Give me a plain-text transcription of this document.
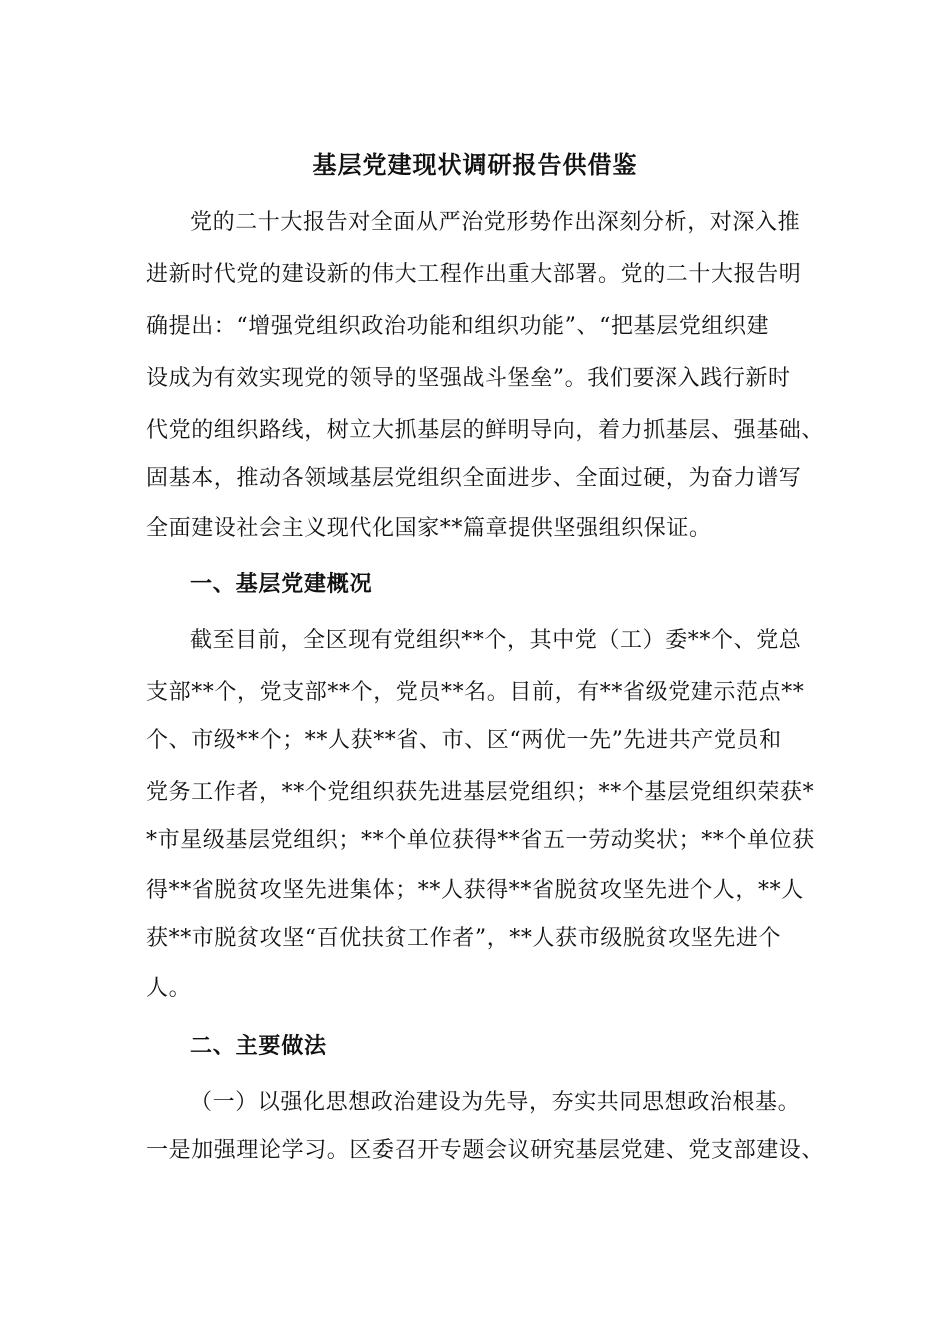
基层党建现状调研报告供借鉴
党的二十大报告对全面从严治党形势作出深刻分析，对深入推
进新时代党的建设新的伟大工程作出重大部署。党的二十大报告明
确提出：“增强党组织政治功能和组织功能”、“把基层党组织建
设成为有效实现党的领导的坚强战斗堡垒”。我们要深入践行新时
代党的组织路线，树立大抓基层的鲜明导向，着力抓基层、强基础、
固基本，推动各领域基层党组织全面进步、全面过硬，为奋力谱写
全面建设社会主义现代化国家**篇章提供坚强组织保证。
一、基层党建概况
截至目前，全区现有党组织**个，其中党（工）委**个、党总
支部**个，党支部**个，党员**名。目前，有**省级党建示范点**
个、市级**个；**人获**省、市、区“两优一先”先进共产党员和
党务工作者，**个党组织获先进基层党组织；**个基层党组织荣获*
*市星级基层党组织；**个单位获得**省五一劳动奖状；**个单位获
得**省脱贫攻坚先进集体；**人获得**省脱贫攻坚先进个人，**人
获**市脱贫攻坚“百优扶贫工作者”，**人获市级脱贫攻坚先进个
人。
二、主要做法
（一）以强化思想政治建设为先导，夯实共同思想政治根基。
一是加强理论学习。区委召开专题会议研究基层党建、党支部建设、
